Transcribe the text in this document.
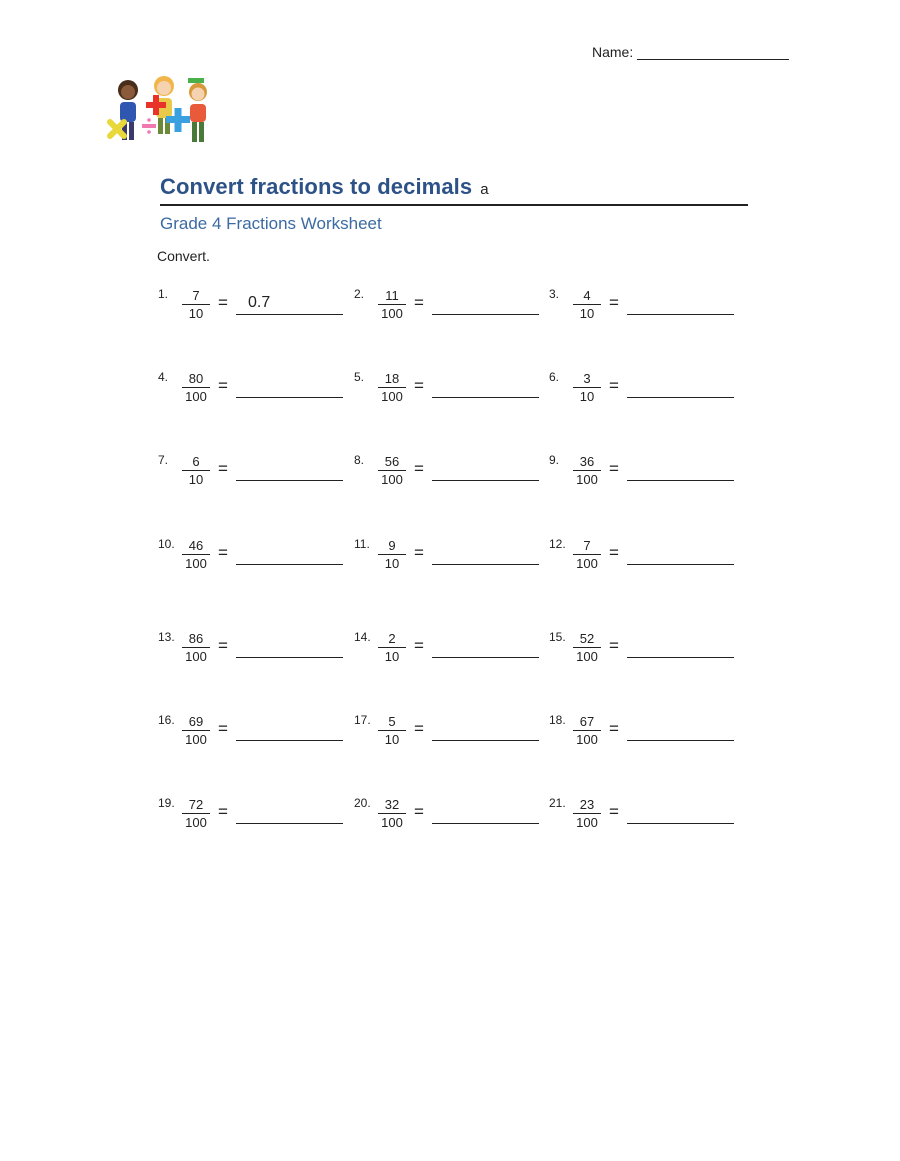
Name:
Convert fractions to decimals a
Grade 4 Fractions Worksheet
Convert.
1. $\frac{7}{10}$ =	0.7	2. $\frac{11}{100}$ =	3. $\frac{4}{10}$ =
4. $\frac{80}{100}$ =	5. $\frac{18}{100}$ =	6. $\frac{3}{10}$ =
7. $\frac{6}{10}$ =	8. $\frac{56}{100}$ =	9. $\frac{36}{100}$ =
10. $\frac{46}{100}$ =	11. $\frac{9}{10}$ =	12. $\frac{7}{100}$ =
13. $\frac{86}{100}$ =	14. $\frac{2}{10}$ =	15. $\frac{52}{100}$ =
16. $\frac{69}{100}$ =	17. $\frac{5}{10}$ =	18. $\frac{67}{100}$ =
19. $\frac{72}{100}$ =	20. $\frac{32}{100}$ =	21. $\frac{23}{100}$ =
